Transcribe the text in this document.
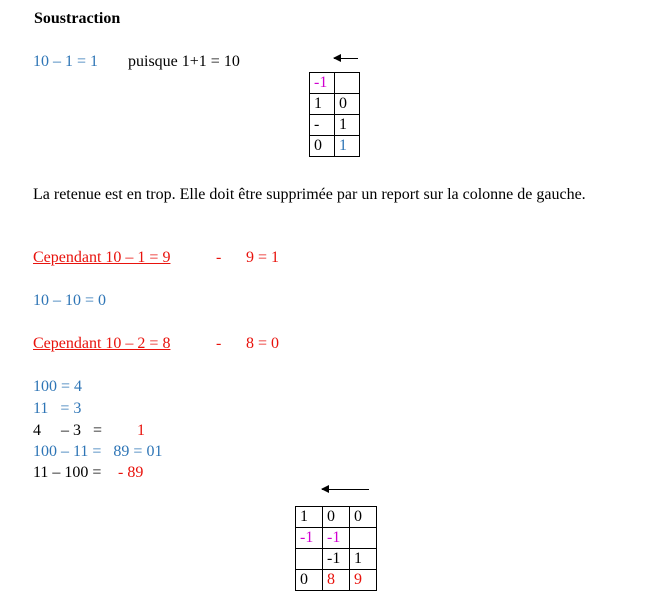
Soustraction
10 – 1 = 1 puisque 1+1 = 10
-1	
1	0
-	1
0	1
La retenue est en trop. Elle doit être supprimée par un report sur la colonne de gauche.
Cependant 10 – 1 = 9	- 9 = 1
10 – 10 = 0
Cependant 10 – 2 = 8	- 8 = 0
100 = 4
11   = 3
4     – 3   = 1
100 – 11 =   89 = 01
11 – 100 = - 89
1	0	0
-1	-1	
	-1	1
0	8	9
